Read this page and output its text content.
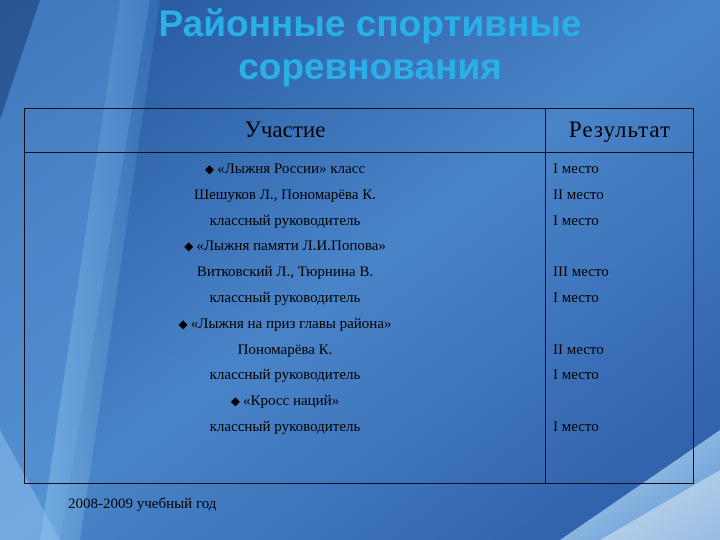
Районные спортивные
соревнования
Участие	Результат
◆ «Лыжня России» класс	I место
Шешуков Л., Пономарёва К.	II место
классный руководитель	I место
◆ «Лыжня памяти Л.И.Попова»
Витковский Л., Тюрнина В.	III место
классный руководитель	I место
◆ «Лыжня на приз главы района»
Пономарёва К.	II место
классный руководитель	I место
◆ «Кросс наций»
классный руководитель	I место
2008-2009 учебный год
